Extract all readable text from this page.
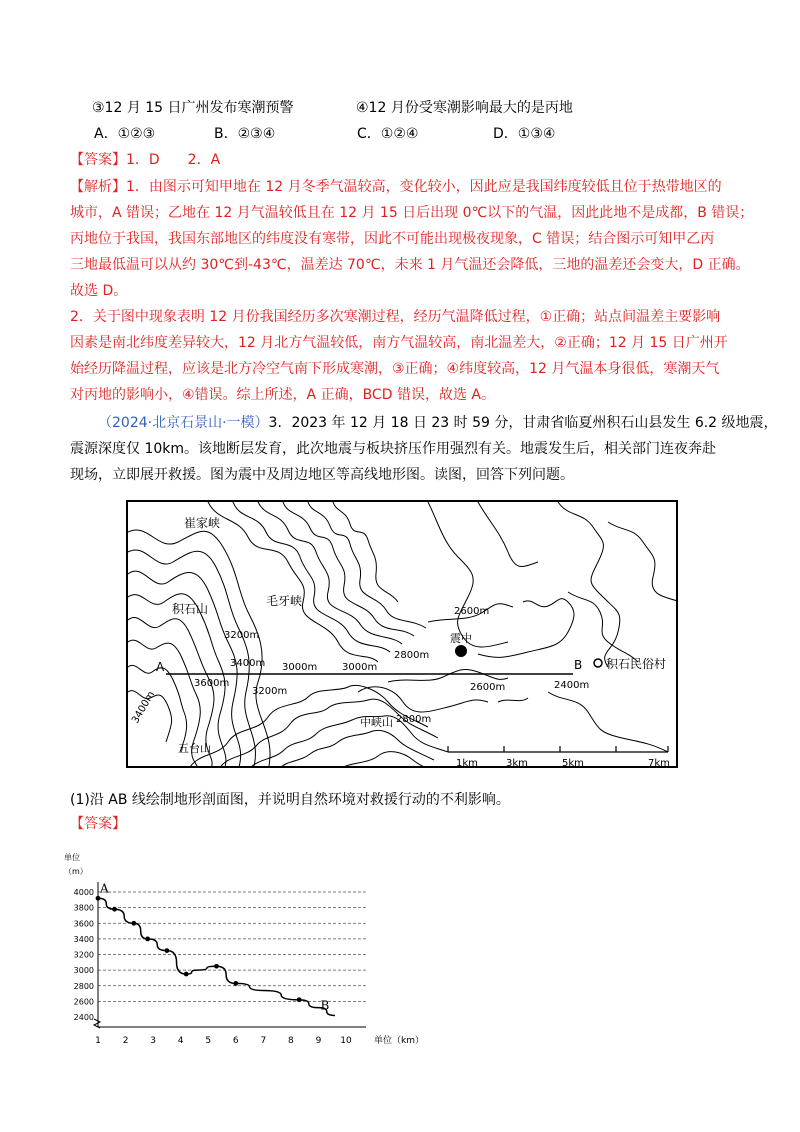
③12 月 15 日广州发布寒潮预警	④12 月份受寒潮影响最大的是丙地
A．①②③	B．②③④	C．①②④	D．①③④
【答案】1．D　　2．A
【解析】1．由图示可知甲地在 12 月冬季气温较高，变化较小，因此应是我国纬度较低且位于热带地区的
城市，A 错误；乙地在 12 月气温较低且在 12 月 15 日后出现 0℃以下的气温，因此此地不是成都，B 错误；
丙地位于我国，我国东部地区的纬度没有寒带，因此不可能出现极夜现象，C 错误；结合图示可知甲乙丙
三地最低温可以从约 30℃到-43℃，温差达 70℃，未来 1 月气温还会降低，三地的温差还会变大，D 正确。
故选 D。
2．关于图中现象表明 12 月份我国经历多次寒潮过程，经历气温降低过程，①正确；站点间温差主要影响
因素是南北纬度差异较大，12 月北方气温较低，南方气温较高，南北温差大，②正确；12 月 15 日广州开
始经历降温过程，应该是北方冷空气南下形成寒潮，③正确；④纬度较高，12 月气温本身很低，寒潮天气
对丙地的影响小，④错误。综上所述，A 正确，BCD 错误，故选 A。
（2024·北京石景山·一模）3．2023 年 12 月 18 日 23 时 59 分，甘肃省临夏州积石山县发生 6.2 级地震，
震源深度仅 10km。该地断层发育，此次地震与板块挤压作用强烈有关。地震发生后，相关部门连夜奔赴
现场，立即展开救援。图为震中及周边地区等高线地形图。读图，回答下列问题。
崔家峡
积石山
毛牙峡
震中
五台山
中峡山
积石民俗村
A	B
2600m
3200m
3400m 3000m 3000m
2800m
3600m
3200m	2600m	2400m
3400m	2800m
1km	3km	5km	7km
(1)沿 AB 线绘制地形剖面图，并说明自然环境对救援行动的不利影响。
【答案】
单位
（m）
2400
2600
2800
3000
3200
3400
3600
3800
4000
1 2 3 4 5 6 7 8 9 10 单位（km）
A
B
